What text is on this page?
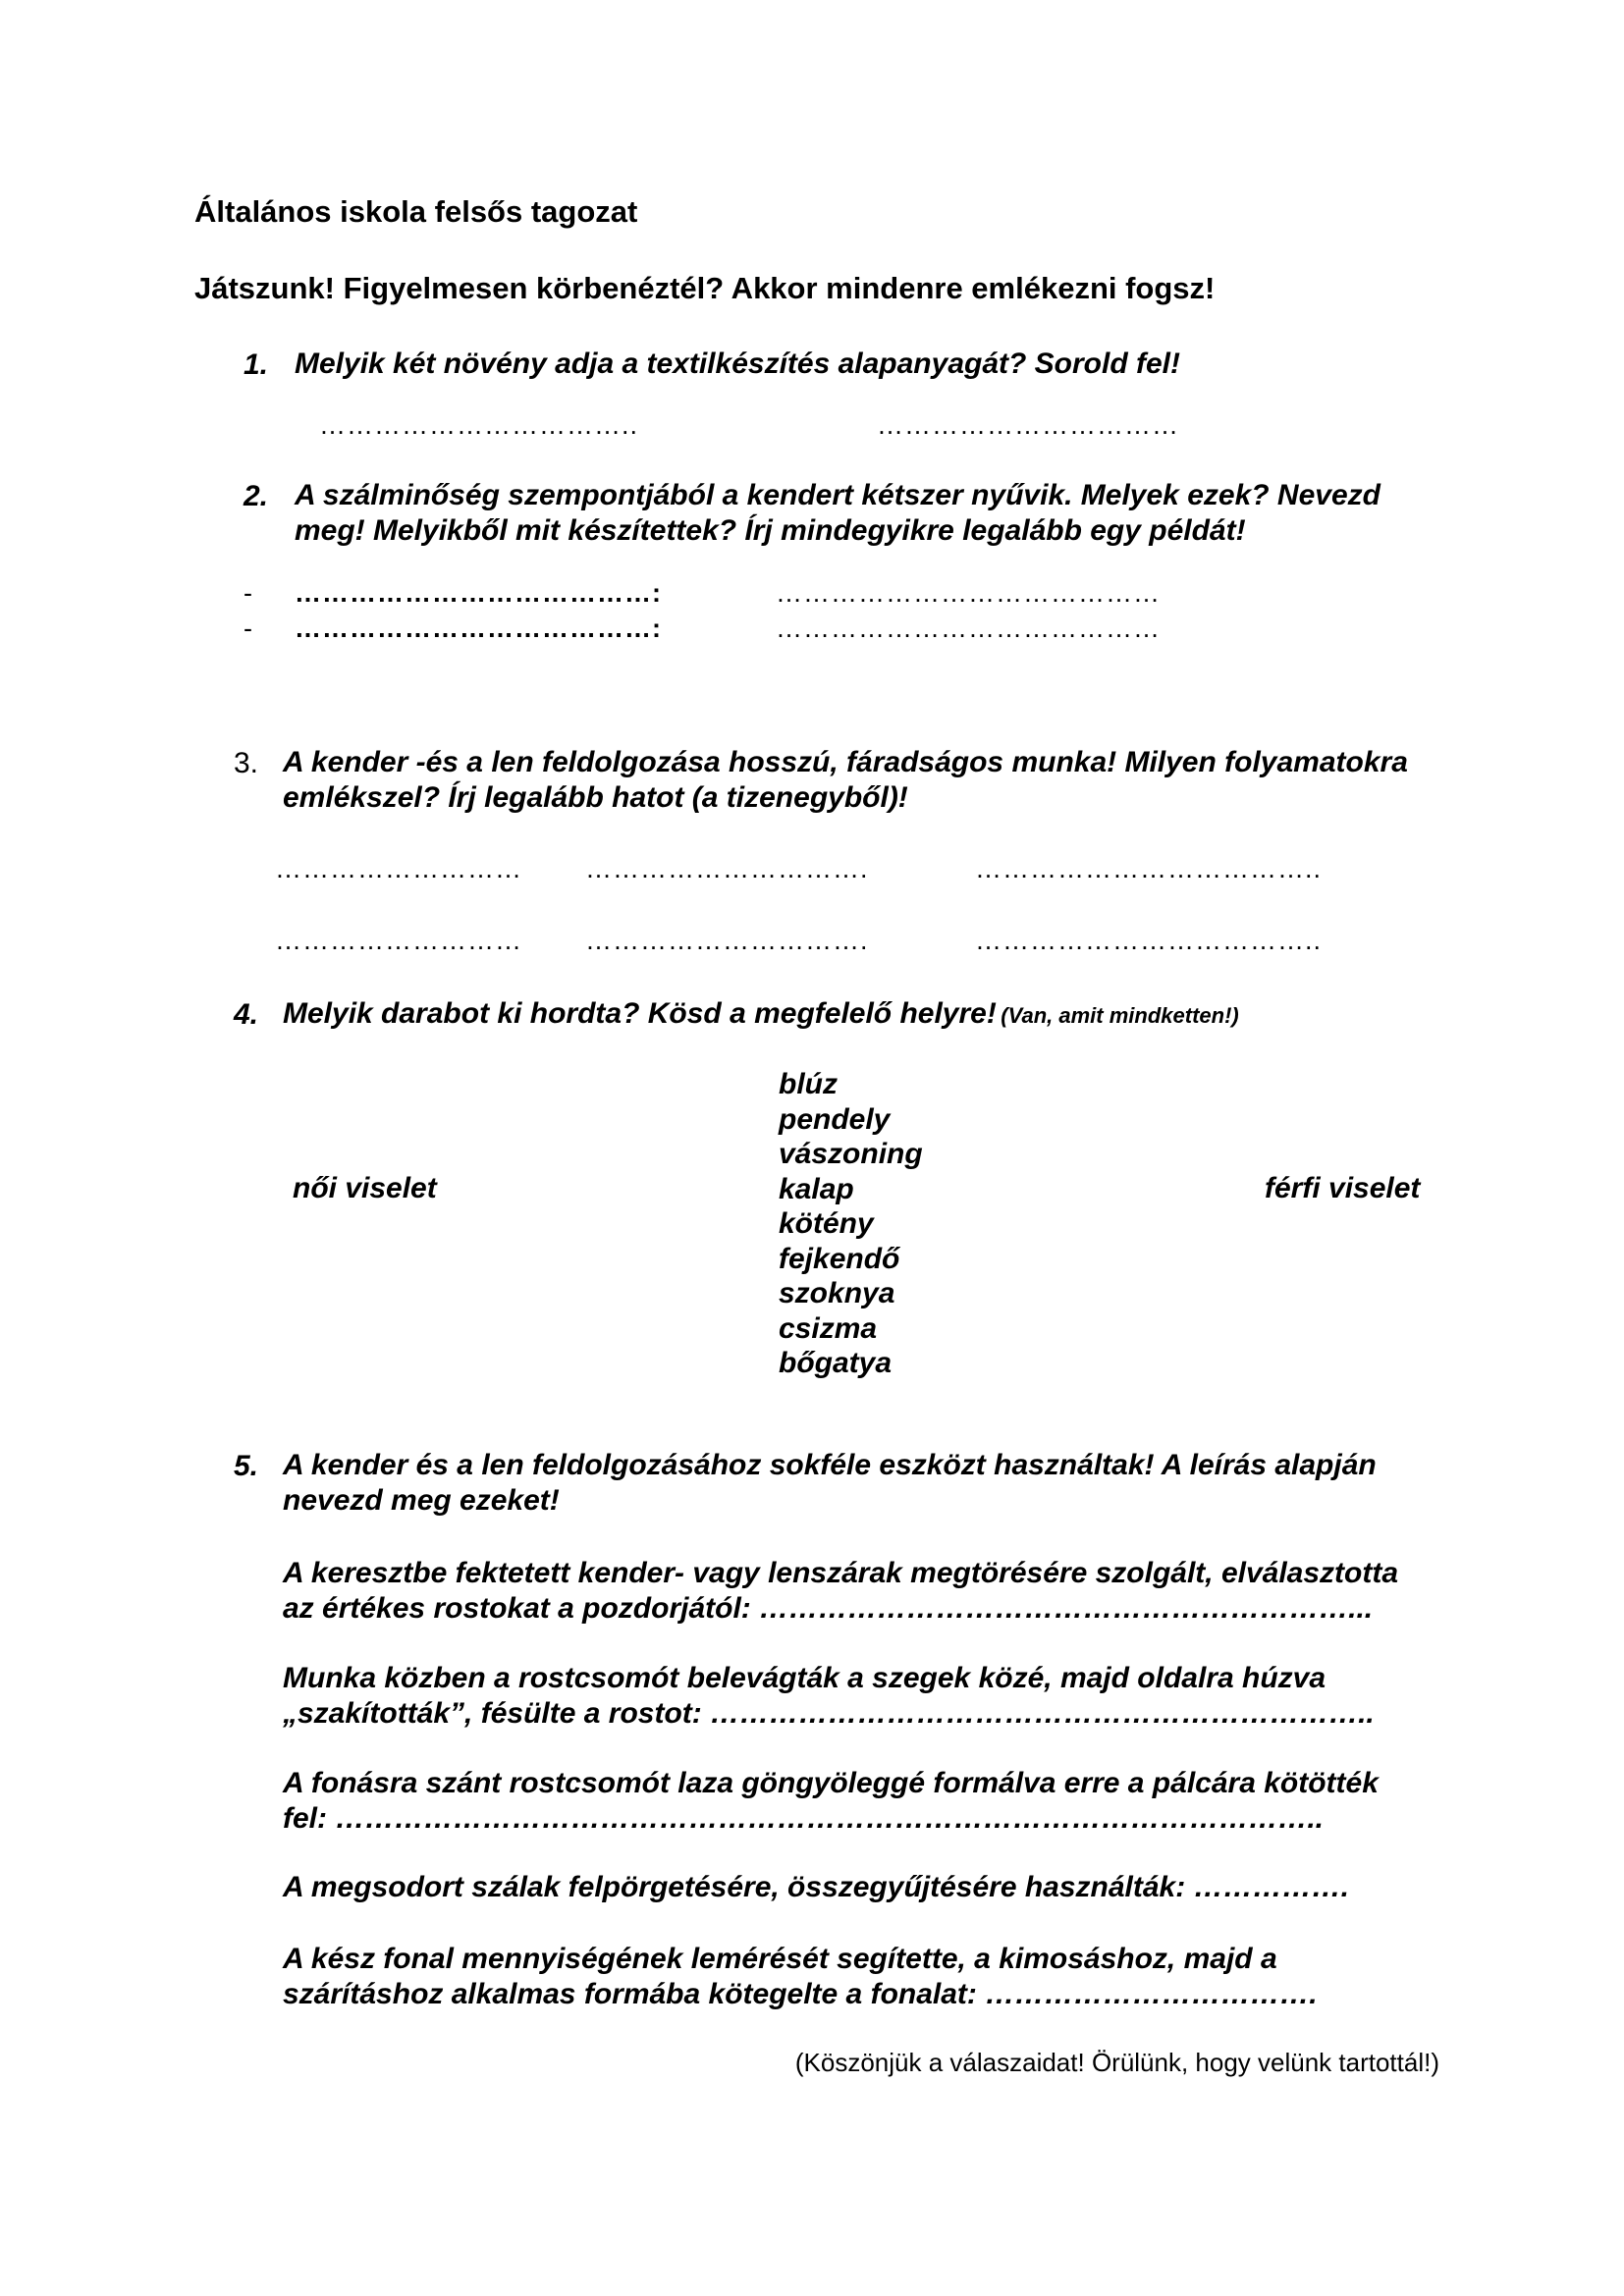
Általános iskola felsős tagozat
Játszunk! Figyelmesen körbenéztél? Akkor mindenre emlékezni fogsz!
1. Melyik két növény adja a textilkészítés alapanyagát? Sorold fel!
……………………………..	……………………………
2. A szálminőség szempontjából a kendert kétszer nyűvik. Melyek ezek? Nevezd
meg! Melyikből mit készítettek? Írj mindegyikre legalább egy példát!
- …………………………………:	……………………………………
- …………………………………:	……………………………………
3. A kender -és a len feldolgozása hosszú, fáradságos munka! Milyen folyamatokra
emlékszel? Írj legalább hatot (a tizenegyből)!
……………………… ………………………….	………………………………..
……………………… ………………………….	………………………………..
4. Melyik darabot ki hordta? Kösd a megfelelő helyre! (Van, amit mindketten!)
női viselet	férfi viselet
blúz
pendely
vászoning
kalap
kötény
fejkendő
szoknya
csizma
bőgatya
5. A kender és a len feldolgozásához sokféle eszközt használtak! A leírás alapján
nevezd meg ezeket!
A keresztbe fektetett kender- vagy lenszárak megtörésére szolgált, elválasztotta
az értékes rostokat a pozdorjától: ……………………………………………………...
Munka közben a rostcsomót belevágták a szegek közé, majd oldalra húzva
„szakították”, fésülte a rostot: …………………………………………………………..
A fonásra szánt rostcsomót laza göngyöleggé formálva erre a pálcára kötötték
fel: ………………………………………………………………………………………..
A megsodort szálak felpörgetésére, összegyűjtésére használták: …………….
A kész fonal mennyiségének lemérését segítette, a kimosáshoz, majd a
szárításhoz alkalmas formába kötegelte a fonalat: …………………………….
(Köszönjük a válaszaidat! Örülünk, hogy velünk tartottál!)
